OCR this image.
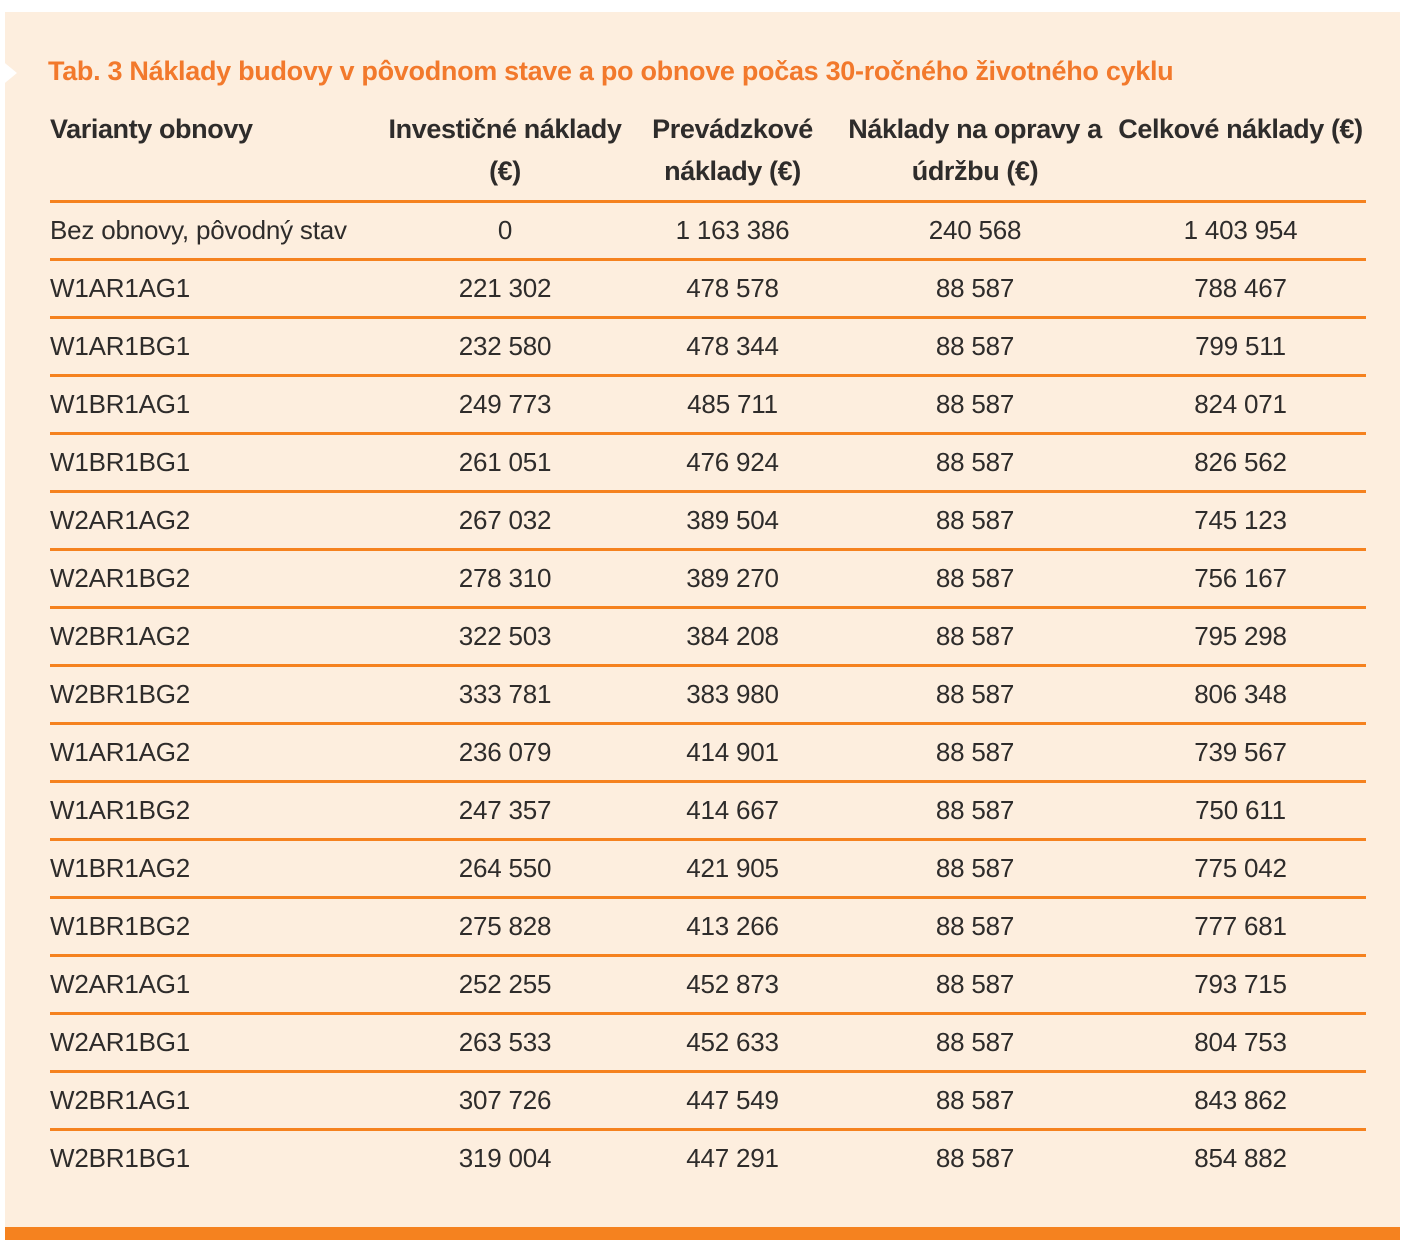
Tab. 3 Náklady budovy v pôvodnom stave a po obnove počas 30-ročného životného cyklu
Varianty obnovy	Investičné náklady (€)	Prevádzkové náklady (€)	Náklady na opravy a údržbu (€)	Celkové náklady (€)
Bez obnovy, pôvodný stav	0	1 163 386	240 568	1 403 954
W1AR1AG1	221 302	478 578	88 587	788 467
W1AR1BG1	232 580	478 344	88 587	799 511
W1BR1AG1	249 773	485 711	88 587	824 071
W1BR1BG1	261 051	476 924	88 587	826 562
W2AR1AG2	267 032	389 504	88 587	745 123
W2AR1BG2	278 310	389 270	88 587	756 167
W2BR1AG2	322 503	384 208	88 587	795 298
W2BR1BG2	333 781	383 980	88 587	806 348
W1AR1AG2	236 079	414 901	88 587	739 567
W1AR1BG2	247 357	414 667	88 587	750 611
W1BR1AG2	264 550	421 905	88 587	775 042
W1BR1BG2	275 828	413 266	88 587	777 681
W2AR1AG1	252 255	452 873	88 587	793 715
W2AR1BG1	263 533	452 633	88 587	804 753
W2BR1AG1	307 726	447 549	88 587	843 862
W2BR1BG1	319 004	447 291	88 587	854 882
